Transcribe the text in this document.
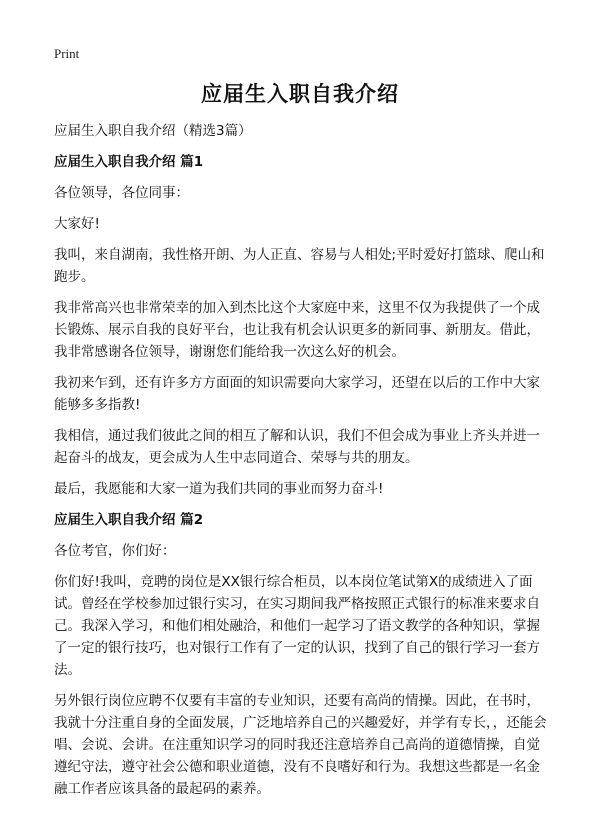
Print
应届生入职自我介绍

应届生入职自我介绍（精选3篇）

应届生入职自我介绍 篇1

各位领导，各位同事：

大家好!

我叫，来自湖南，我性格开朗、为人正直、容易与人相处;平时爱好打篮球、爬山和跑步。

我非常高兴也非常荣幸的加入到杰比这个大家庭中来，这里不仅为我提供了一个成长锻炼、展示自我的良好平台，也让我有机会认识更多的新同事、新朋友。借此，我非常感谢各位领导，谢谢您们能给我一次这么好的机会。

我初来乍到，还有许多方方面面的知识需要向大家学习，还望在以后的工作中大家能够多多指教!

我相信，通过我们彼此之间的相互了解和认识，我们不但会成为事业上齐头并进一起奋斗的战友，更会成为人生中志同道合、荣辱与共的朋友。

最后，我愿能和大家一道为我们共同的事业而努力奋斗!

应届生入职自我介绍 篇2

各位考官，你们好：

你们好!我叫，竞聘的岗位是XX银行综合柜员，以本岗位笔试第X的成绩进入了面试。曾经在学校参加过银行实习，在实习期间我严格按照正式银行的标准来要求自己。我深入学习，和他们相处融洽，和他们一起学习了语文教学的各种知识，掌握了一定的银行技巧，也对银行工作有了一定的认识，找到了自己的银行学习一套方法。

另外银行岗位应聘不仅要有丰富的专业知识，还要有高尚的情操。因此，在书时，我就十分注重自身的全面发展，广泛地培养自己的兴趣爱好，并学有专长，，还能会唱、会说、会讲。在注重知识学习的同时我还注意培养自己高尚的道德情操，自觉遵纪守法，遵守社会公德和职业道德，没有不良嗜好和行为。我想这些都是一名金融工作者应该具备的最起码的素养。
